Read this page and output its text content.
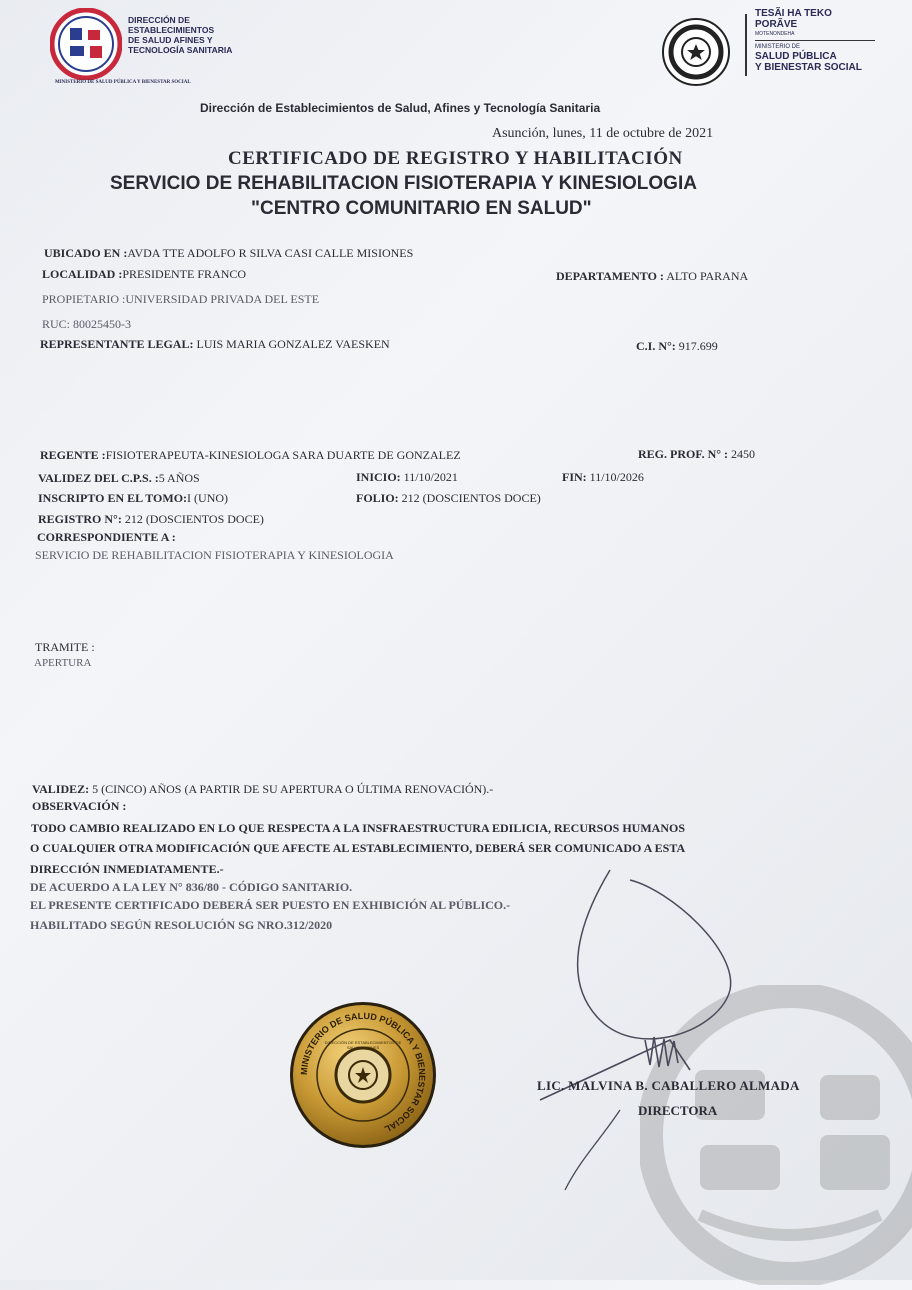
DIRECCIÓN DE
ESTABLECIMIENTOS
DE SALUD AFINES Y
TECNOLOGÍA SANITARIA
MINISTERIO DE SALUD PÚBLICA Y BIENESTAR SOCIAL
TESÃI HA TEKO
PORÃVE
MOTENONDEHA
MINISTERIO DE
SALUD PÚBLICA
Y BIENESTAR SOCIAL
Dirección de Establecimientos de Salud, Afines y Tecnología Sanitaria
Asunción, lunes, 11 de octubre de 2021
CERTIFICADO DE REGISTRO Y HABILITACIÓN
SERVICIO DE REHABILITACION FISIOTERAPIA Y KINESIOLOGIA
"CENTRO COMUNITARIO EN SALUD"
UBICADO EN :AVDA TTE ADOLFO R SILVA CASI CALLE MISIONES
LOCALIDAD :PRESIDENTE FRANCO	DEPARTAMENTO : ALTO PARANA
PROPIETARIO :UNIVERSIDAD PRIVADA DEL ESTE
RUC: 80025450-3
REPRESENTANTE LEGAL: LUIS MARIA GONZALEZ VAESKEN	C.I. N°: 917.699
REGENTE :FISIOTERAPEUTA-KINESIOLOGA SARA DUARTE DE GONZALEZ	REG. PROF. N° : 2450
VALIDEZ DEL C.P.S. :5 AÑOS	INICIO: 11/10/2021	FIN: 11/10/2026
INSCRIPTO EN EL TOMO:I (UNO)	FOLIO: 212 (DOSCIENTOS DOCE)
REGISTRO N°: 212 (DOSCIENTOS DOCE)
CORRESPONDIENTE A :
SERVICIO DE REHABILITACION FISIOTERAPIA Y KINESIOLOGIA
TRAMITE :
APERTURA
VALIDEZ: 5 (CINCO) AÑOS (A PARTIR DE SU APERTURA O ÚLTIMA RENOVACIÓN).-
OBSERVACIÓN :
TODO CAMBIO REALIZADO EN LO QUE RESPECTA A LA INSFRAESTRUCTURA EDILICIA, RECURSOS HUMANOS
O CUALQUIER OTRA MODIFICACIÓN QUE AFECTE AL ESTABLECIMIENTO, DEBERÁ SER COMUNICADO A ESTA
DIRECCIÓN INMEDIATAMENTE.-
DE ACUERDO A LA LEY N° 836/80 - CÓDIGO SANITARIO.
EL PRESENTE CERTIFICADO DEBERÁ SER PUESTO EN EXHIBICIÓN AL PÚBLICO.-
HABILITADO SEGÚN RESOLUCIÓN SG NRO.312/2020
MINISTERIO DE SALUD PÚBLICA Y BIENESTAR SOCIAL
DIRECCIÓN DE ESTABLECIMIENTOS DE SALUD Y AFINES
LIC. MALVINA B. CABALLERO ALMADA
DIRECTORA
